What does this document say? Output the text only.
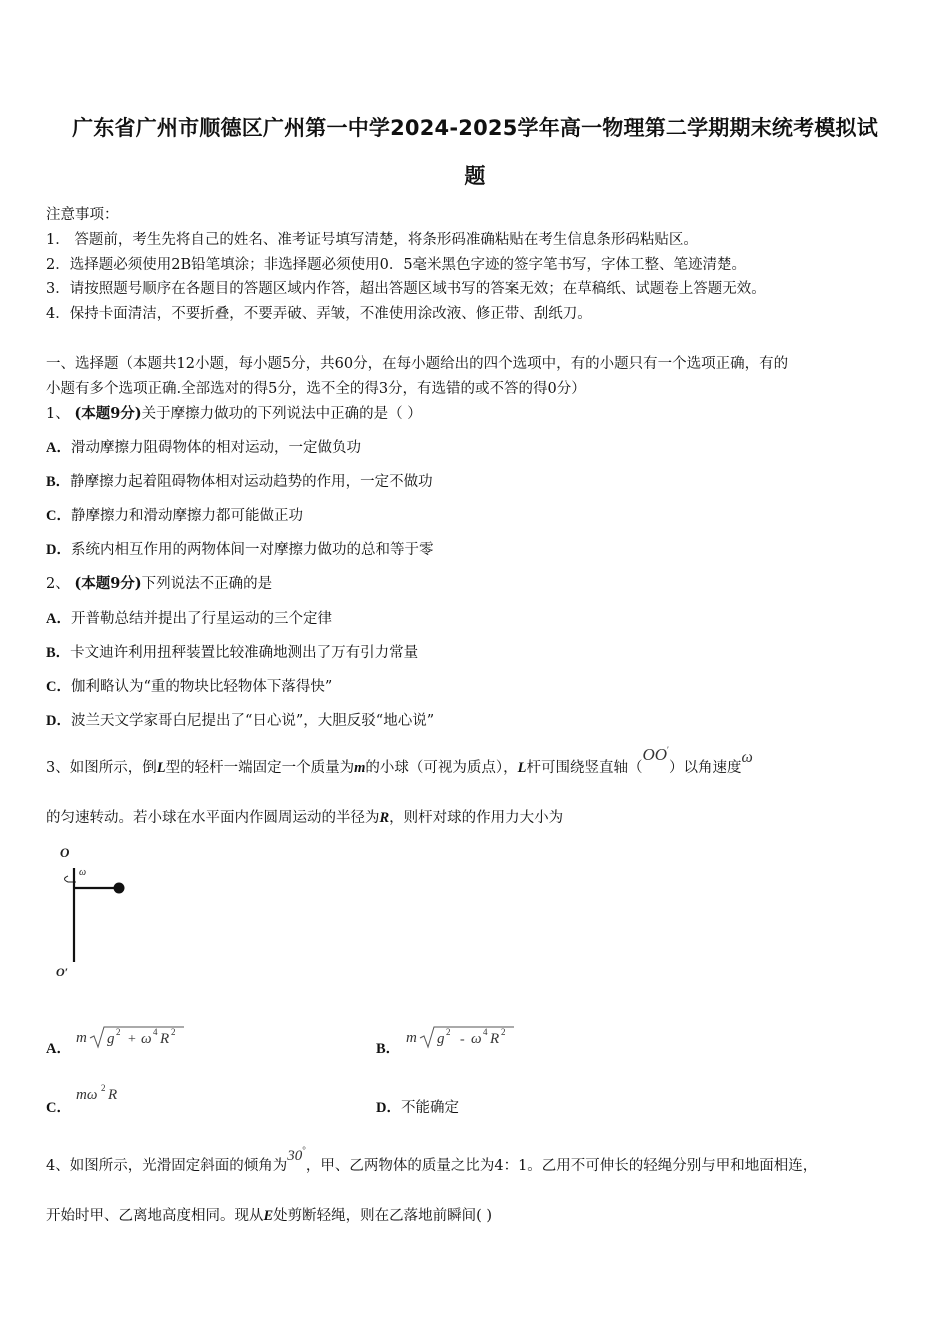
广东省广州市顺德区广州第一中学2024-2025学年高一物理第二学期期末统考模拟试
题
注意事项：
1． 答题前，考生先将自己的姓名、准考证号填写清楚，将条形码准确粘贴在考生信息条形码粘贴区。
2．选择题必须使用2B铅笔填涂；非选择题必须使用0．5毫米黑色字迹的签字笔书写，字体工整、笔迹清楚。
3．请按照题号顺序在各题目的答题区域内作答，超出答题区域书写的答案无效；在草稿纸、试题卷上答题无效。
4．保持卡面清洁，不要折叠，不要弄破、弄皱，不准使用涂改液、修正带、刮纸刀。
一、选择题（本题共12小题，每小题5分，共60分，在每小题给出的四个选项中，有的小题只有一个选项正确，有的
小题有多个选项正确.全部选对的得5分，选不全的得3分，有选错的或不答的得0分）
1、 (本题9分)关于摩擦力做功的下列说法中正确的是（ ）
A．滑动摩擦力阻碍物体的相对运动，一定做负功
B．静摩擦力起着阻碍物体相对运动趋势的作用，一定不做功
C．静摩擦力和滑动摩擦力都可能做正功
D．系统内相互作用的两物体间一对摩擦力做功的总和等于零
2、 (本题9分)下列说法不正确的是
A．开普勒总结并提出了行星运动的三个定律
B．卡文迪许利用扭秤装置比较准确地测出了万有引力常量
C．伽利略认为“重的物块比轻物体下落得快”
D．波兰天文学家哥白尼提出了“日心说”，大胆反驳“地心说”
3、如图所示，倒L型的轻杆一端固定一个质量为m的小球（可视为质点），L杆可围绕竖直轴（OO′）以角速度ω
的匀速转动。若小球在水平面内作圆周运动的半径为R，则杆对球的作用力大小为
O
ω
O′
A．
m g 2 + ω 4 R 2
B．
m g 2 - ω 4 R 2
C．
mω 2 R
D．不能确定
4、如图所示，光滑固定斜面的倾角为30°，甲、乙两物体的质量之比为4：1。乙用不可伸长的轻绳分别与甲和地面相连，
开始时甲、乙离地高度相同。现从E处剪断轻绳，则在乙落地前瞬间( )
